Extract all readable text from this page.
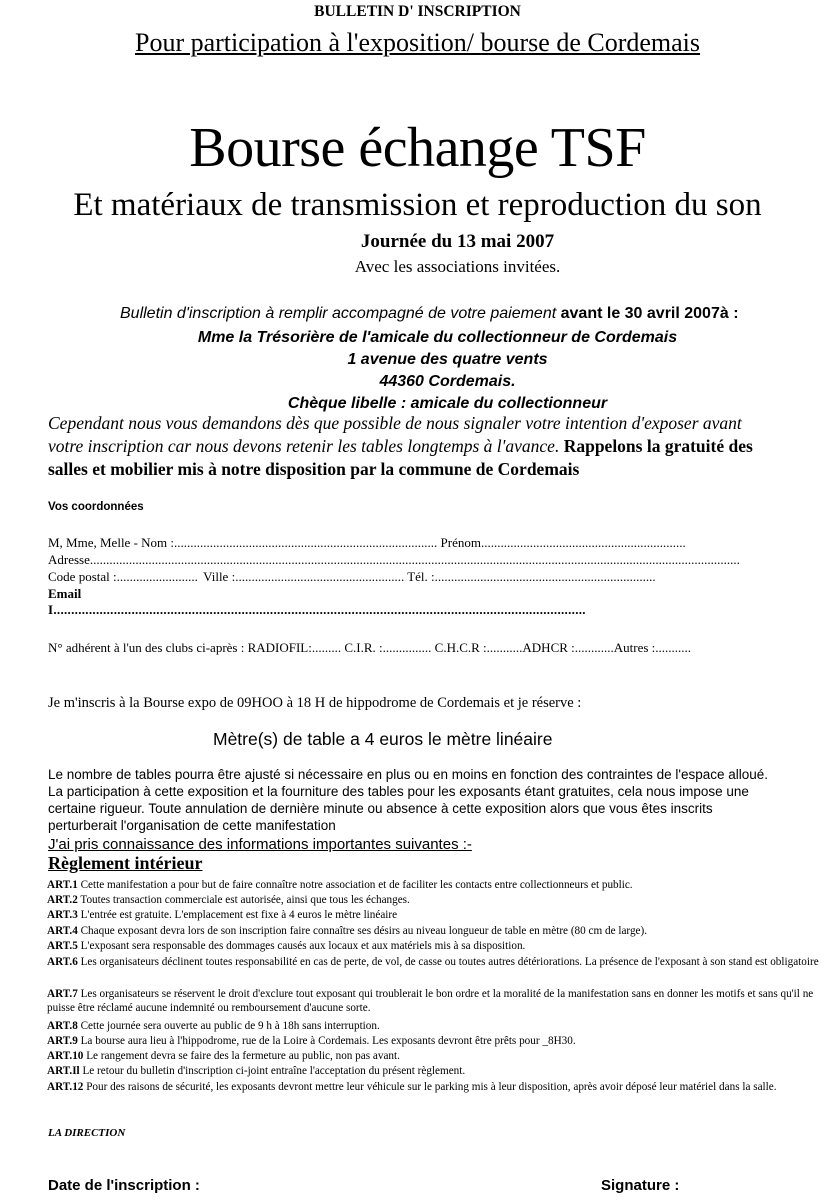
BULLETIN D' INSCRIPTION
Pour participation à l'exposition/ bourse de Cordemais
Bourse échange TSF
Et matériaux de transmission et reproduction du son
Journée du 13 mai 2007
Avec les associations invitées.
Bulletin d'inscription à remplir accompagné de votre paiement avant le 30 avril 2007à :
Mme la Trésorière de l'amicale du collectionneur de Cordemais
1 avenue des quatre vents
44360 Cordemais.
Chèque libelle : amicale du collectionneur
Cependant nous vous demandons dès que possible de nous signaler votre intention d'exposer avant
votre inscription car nous devons retenir les tables longtemps à l'avance. Rappelons la gratuité des
salles et mobilier mis à notre disposition par la commune de Cordemais
Vos coordonnées
M, Mme, Melle - Nom :................................................................................. Prénom...............................................................
Adresse........................................................................................................................................................................................................
Code postal :......................... Ville :.................................................... Tél. :....................................................................
Email
I......................................................................................................................................................
N° adhérent à l'un des clubs ci-après : RADIOFIL:......... C.I.R. :............... C.H.C.R :...........ADHCR :............Autres :...........
Je m'inscris à la Bourse expo de 09HOO à 18 H de hippodrome de Cordemais et je réserve :
Mètre(s) de table a 4 euros le mètre linéaire
Le nombre de tables pourra être ajusté si nécessaire en plus ou en moins en fonction des contraintes de l'espace alloué.
La participation à cette exposition et la fourniture des tables pour les exposants étant gratuites, cela nous impose une
certaine rigueur. Toute annulation de dernière minute ou absence à cette exposition alors que vous êtes inscrits
perturberait l'organisation de cette manifestation
J'ai pris connaissance des informations importantes suivantes :-
Règlement intérieur
ART.1 Cette manifestation a pour but de faire connaître notre association et de faciliter les contacts entre collectionneurs et public.
ART.2 Toutes transaction commerciale est autorisée, ainsi que tous les échanges.
ART.3 L'entrée est gratuite. L'emplacement est fixe à 4 euros le mètre linéaire
ART.4 Chaque exposant devra lors de son inscription faire connaître ses désirs au niveau longueur de table en mètre (80 cm de large).
ART.5 L'exposant sera responsable des dommages causés aux locaux et aux matériels mis à sa disposition.
ART.6 Les organisateurs déclinent toutes responsabilité en cas de perte, de vol, de casse ou toutes autres détériorations. La présence de l'exposant à son stand est obligatoire
ART.7 Les organisateurs se réservent le droit d'exclure tout exposant qui troublerait le bon ordre et la moralité de la manifestation sans en donner les motifs et sans qu'il ne puisse être réclamé aucune indemnité ou remboursement d'aucune sorte.
ART.8 Cette journée sera ouverte au public de 9 h à 18h sans interruption.
ART.9 La bourse aura lieu à l'hippodrome, rue de la Loire à Cordemais. Les exposants devront être prêts pour _8H30.
ART.10 Le rangement devra se faire des la fermeture au public, non pas avant.
ART.Il Le retour du bulletin d'inscription ci-joint entraîne l'acceptation du présent règlement.
ART.12 Pour des raisons de sécurité, les exposants devront mettre leur véhicule sur le parking mis à leur disposition, après avoir déposé leur matériel dans la salle.
LA DIRECTION
Date de l'inscription :	Signature :
